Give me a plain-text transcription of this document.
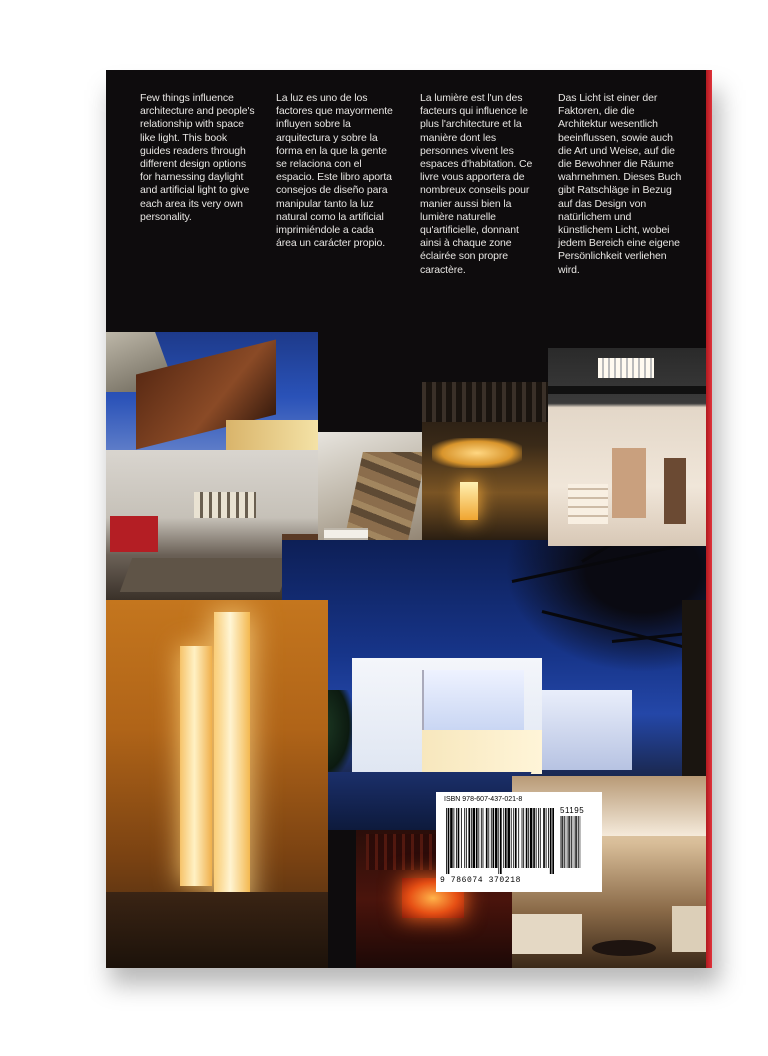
Few things influence architecture and people's relationship with space like light. This book guides readers through different design options for harnessing daylight and artificial light to give each area its very own personality.
La luz es uno de los factores que mayormente influyen sobre la arquitectura y sobre la forma en la que la gente se relaciona con el espacio. Este libro aporta consejos de diseño para manipular tanto la luz natural como la artificial imprimiéndole a cada área un carácter propio.
La lumière est l'un des facteurs qui influence le plus l'architecture et la manière dont les personnes vivent les espaces d'habitation. Ce livre vous apportera de nombreux conseils pour manier aussi bien la lumière naturelle qu'artificielle, donnant ainsi à chaque zone éclairée son propre caractère.
Das Licht ist einer der Faktoren, die die Architektur wesentlich beeinflussen, sowie auch die Art und Weise, auf die die Bewohner die Räume wahrnehmen. Dieses Buch gibt Ratschläge in Bezug auf das Design von natürlichem und künstlichem Licht, wobei jedem Bereich eine eigene Persönlichkeit verliehen wird.
ISBN 978-607-437-021-8
51195
9 786074 370218
